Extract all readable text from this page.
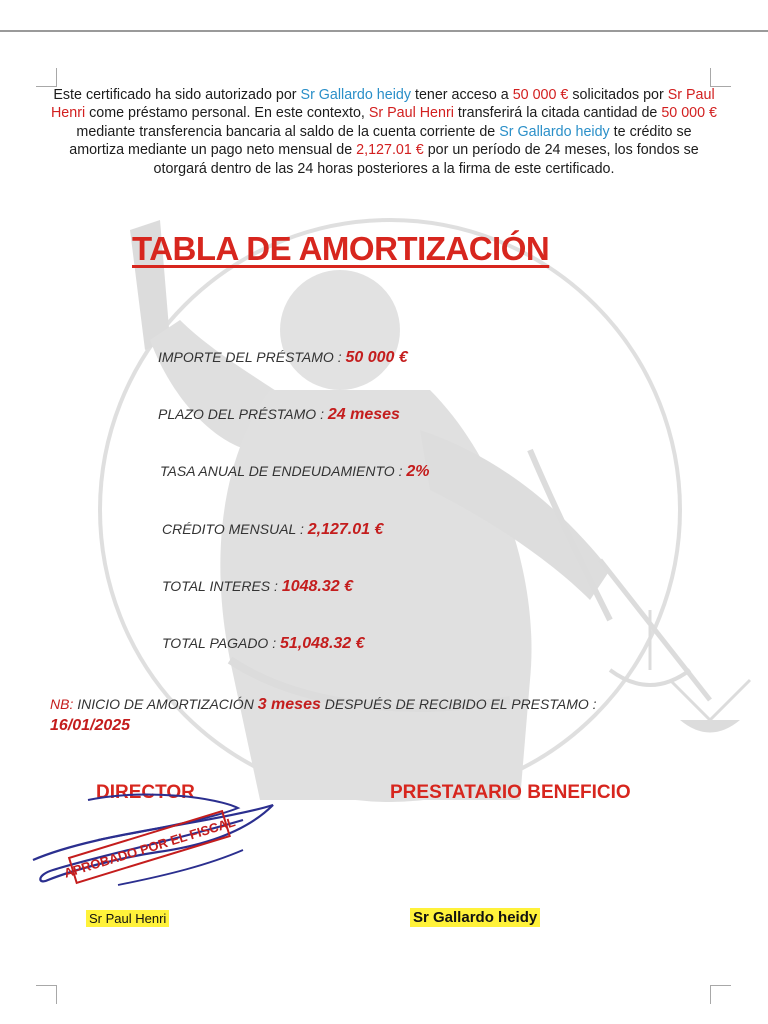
Este certificado ha sido autorizado por Sr Gallardo heidy tener acceso a 50 000 € solicitados por Sr Paul Henri come préstamo personal. En este contexto, Sr Paul Henri transferirá la citada cantidad de 50 000 € mediante transferencia bancaria al saldo de la cuenta corriente de Sr Gallardo heidy te crédito se amortiza mediante un pago neto mensual de 2,127.01 € por un período de 24 meses, los fondos se otorgará dentro de las 24 horas posteriores a la firma de este certificado.
TABLA DE AMORTIZACIÓN
IMPORTE DEL PRÉSTAMO : 50 000 €
PLAZO DEL PRÉSTAMO : 24 meses
TASA ANUAL DE ENDEUDAMIENTO : 2%
CRÉDITO MENSUAL : 2,127.01 €
TOTAL INTERES : 1048.32 €
TOTAL PAGADO : 51,048.32 €
NB: INICIO DE AMORTIZACIÓN 3 meses DESPUÉS DE RECIBIDO EL PRESTAMO :
16/01/2025
DIRECTOR	PRESTATARIO BENEFICIO
APROBADO POR EL FISCAL
Sr Paul Henri	Sr Gallardo heidy
